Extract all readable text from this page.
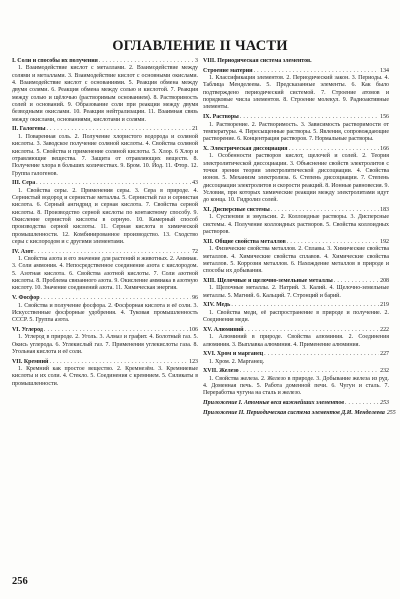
ОГЛАВЛЕНИЕ II ЧАСТИ
I. Соли и способы их получения . . .	3
1. Взаимодействие кислот с металлами. 2. Взаимодействие между солями и металлами. 3. Взаимодействие кислот с основными окислами. 4. Взаимодействие кислот с основаниями. 5. Реакция обмена между двумя солями. 6. Реакция обмена между солью и кислотой. 7. Реакция между солью и щёлочью (растворимым основанием). 8. Растворимость солей и оснований. 9. Образование соли при реакции между двумя безводными окислами. 10. Реакция нейтрализации. 11. Взаимная связь между окислами, основаниями, кислотами и солями.
II. Галогены . . .	21
1. Поваренная соль. 2. Получение хлористого водорода и соляной кислоты. 3. Заводское получение соляной кислоты. 4. Свойства соляной кислоты. 5. Свойства и применение соляной кислоты. 5. Хлор. 6 Хлор и отравляющие вещества. 7. Защита от отравляющих веществ. 8. Получение хлора в больших количествах. 9. Бром. 10. Йод. 11. Фтор. 12. Группа галогенов.
III. Сера . . .	43
1. Свойства серы. 2. Применения серы. 3. Сера в природе. 4. Сернистый водород и сернистые металлы. 5. Сернистый газ и сернистая кислота. 6. Серный ангидрид и серная кислота. 7. Свойства серной кислоты. 8. Производство серной кислоты по контактному способу. 9. Окисление сернистой кислоты в серную. 10. Камерный способ производства серной кислоты. 11. Серная кислота в химической промышленности. 12. Комбинированное производство. 13. Сходство серы с кислородом и с другими элементами.
IV. Азот . . .	72
1. Свойства азота и его значение для растений и животных. 2. Аммиак. 3. Соли аммония. 4. Непосредственное соединение азота с кислородом. 5. Азотная кислота. 6. Свойства азотной кислоты. 7. Соли азотной кислоты. 8. Проблема связанного азота. 9. Окисление аммиака в азотную кислоту. 10. Значение соединений азота. 11. Химическая энергия.
V. Фосфор . . .	96
1. Свойства и получение фосфора. 2. Фосфорная кислота и её соли. 3. Искусственные фосфорные удобрения. 4. Туковая промышленность СССР. 5. Группа азота.
VI. Углерод . . .	106
1. Углерод в природе. 2. Уголь. 3. Алмаз и графит. 4. Болотный газ. 5. Окись углерода. 6. Углекислый газ. 7. Применения углекислоты газа. 8. Угольная кислота и её соли.
VII. Кремний . . .	123
1. Кремний как простое вещество. 2. Кремнезём. 3. Кремниевые кислоты и их соли. 4. Стекло. 5. Соединения с кремнием. 5. Силикаты в промышленности.
VIII. Периодическая система элементов.
Строение материи . . .	134
1. Классификация элементов. 2. Периодический закон. 3. Периоды. 4. Таблица Менделеева. 5. Предсказанные элементы. 6. Как было подтверждено периодический системой. 7. Строение атомов и порядковые числа элементов. 8. Строение молекул. 9. Радиоактивные элементы.
IX. Растворы . . .	156
1. Растворение. 2. Растворимость. 3. Зависимость растворимости от температуры. 4. Пересыщенные растворы. 5. Явления, сопровождающие растворение. 6. Концентрация растворов. 7. Нормальные растворы.
X. Электрическая диссоциация . . .	166
1. Особенности растворов кислот, щелочей и солей. 2. Теория электролитической диссоциации. 3. Объяснение свойств электролитов с точки зрения теории электролитической диссоциации. 4. Свойства ионов. 5. Механизм электролиза. 6. Степень диссоциации. 7. Степень диссоциации электролитов и скорости реакций. 8. Ионные равновесия. 9. Условия, при которых химические реакции между электролитами идут до конца. 10. Гидролиз солей.
XI. Дисперсные системы . . .	183
1. Суспензии и эмульсии. 2. Коллоидные растворы. 3. Дисперсные системы. 4. Получение коллоидных растворов. 5. Свойства коллоидных растворов.
XII. Общие свойства металлов . . .	192
1. Физические свойства металлов. 2. Сплавы. 3. Химические свойства металлов. 4. Химические свойства сплавов. 4. Химические свойства металлов. 5. Коррозия металлов. 6. Нахождение металлов в природе и способы их добывания.
XIII. Щелочные и щелочно-земельные металлы . . .	208
1. Щелочные металлы. 2. Натрий. 3. Калий. 4. Щелочно-земельные металлы. 5. Магний. 6. Кальций. 7. Стронций и барий.
XIV. Медь . . .	219
1. Свойства меди, её распространение в природе и получение. 2. Соединения меди.
XV. Алюминий . . .	222
1. Алюминий в природе. Свойства алюминия. 2. Соединения алюминия. 3. Выплавка алюминия. 4. Применение алюминия.
XVI. Хром и марганец . . .	227
1. Хром. 2. Марганец.
XVII. Железо . . .	232
1. Свойства железа. 2. Железо в природе. 3. Добывание железа из руд. 4. Доменная печь. 5. Работа доменной печи. 6. Чугун и сталь. 7. Переработка чугуна на сталь и железо.
Приложение I. Атомные веса важнейших элементов . . .	253
Приложение II. Периодическая система элементов Д.И. Менделеева 255
256
